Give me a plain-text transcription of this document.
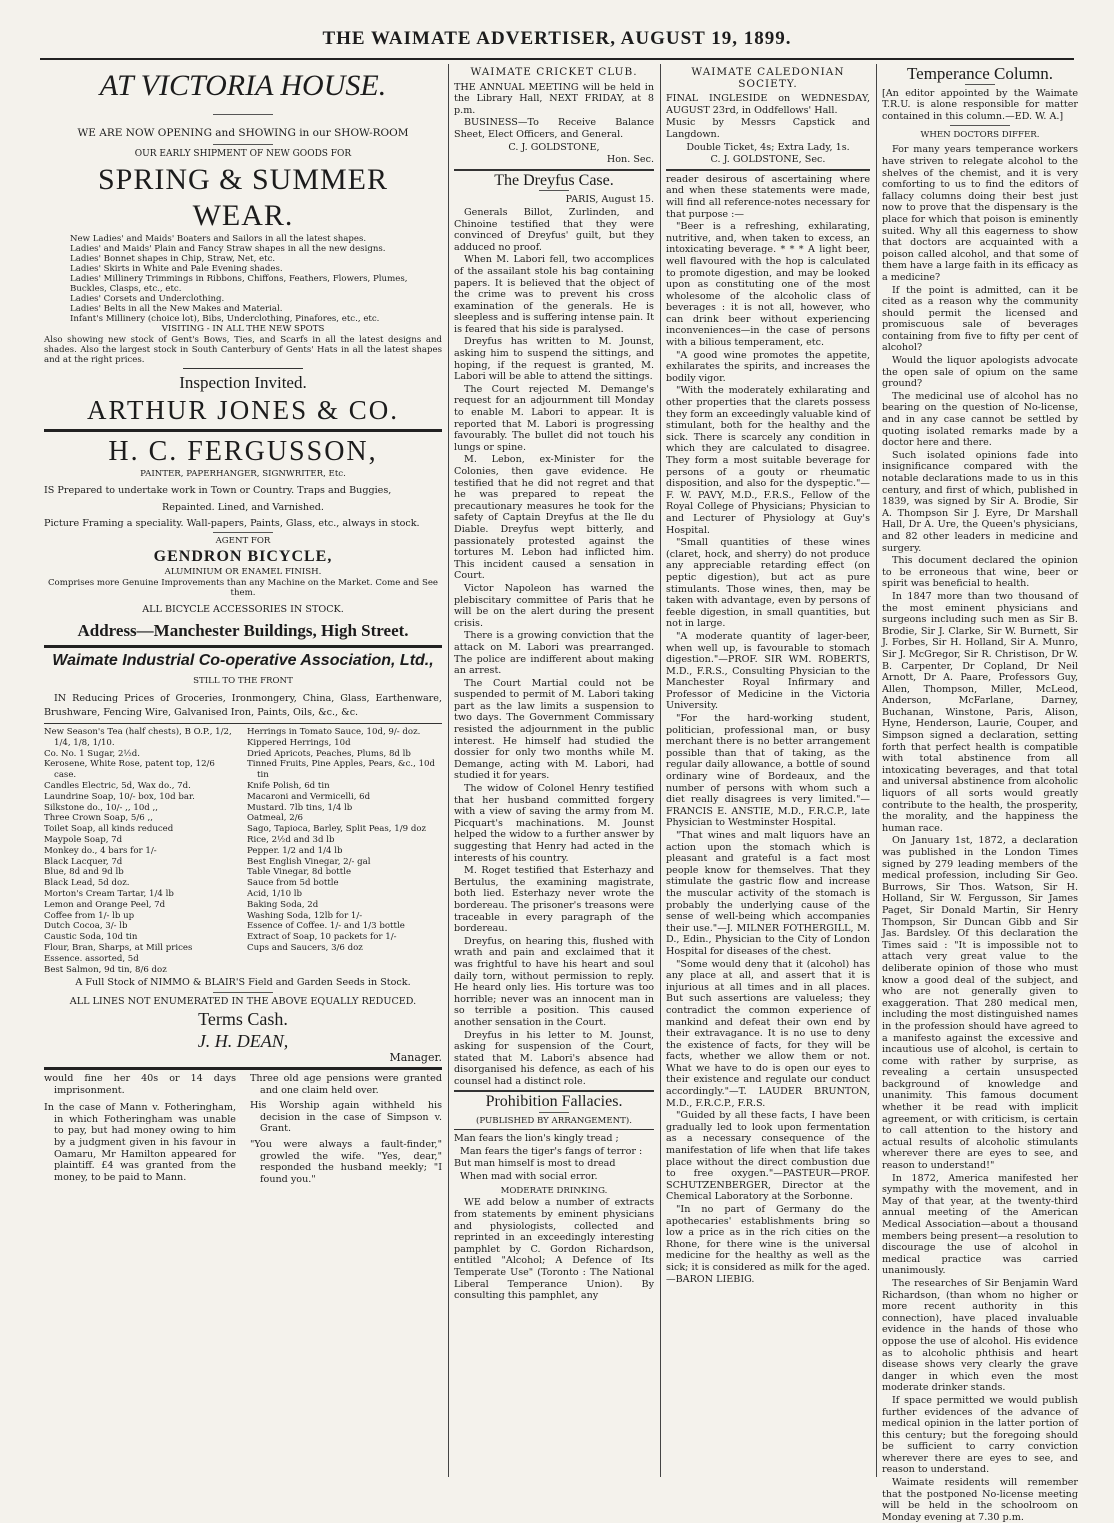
THE WAIMATE ADVERTISER, AUGUST 19, 1899.
AT VICTORIA HOUSE.

WE ARE NOW OPENING and SHOWING in our SHOW-ROOM

OUR EARLY SHIPMENT OF NEW GOODS FOR

SPRING & SUMMER WEAR.
New Ladies' and Maids' Boaters and Sailors in all the latest shapes.
Ladies' and Maids' Plain and Fancy Straw shapes in all the new designs.
Ladies' Bonnet shapes in Chip, Straw, Net, etc.
Ladies' Skirts in White and Pale Evening shades.
Ladies' Millinery Trimmings in Ribbons, Chiffons, Feathers, Flowers, Plumes, Buckles, Clasps, etc., etc.
Ladies' Corsets and Underclothing.
Ladies' Belts in all the New Makes and Material.
Infant's Millinery (choice lot), Bibs, Underclothing, Pinafores, etc., etc.

VISITING - IN ALL THE NEW SPOTS

Also showing new stock of Gent's Bows, Ties, and Scarfs in all the latest designs and shades. Also the largest stock in South Canterbury of Gents' Hats in all the latest shapes and at the right prices.

Inspection Invited.
ARTHUR JONES & CO.
H. C. FERGUSSON,

PAINTER, PAPERHANGER, SIGNWRITER, Etc.

IS Prepared to undertake work in Town or Country. Traps and Buggies,

Repainted. Lined, and Varnished.

Picture Framing a speciality. Wall-papers, Paints, Glass, etc., always in stock.

AGENT FOR

GENDRON BICYCLE,

ALUMINIUM OR ENAMEL FINISH.

Comprises more Genuine Improvements than any Machine on the Market. Come and See them.

ALL BICYCLE ACCESSORIES IN STOCK.

Address—Manchester Buildings, High Street.
Waimate Industrial Co-operative Association, Ltd.,

STILL TO THE FRONT

IN Reducing Prices of Groceries, Ironmongery, China, Glass, Earthenware, Brushware, Fencing Wire, Galvanised Iron, Paints, Oils, &c., &c.

New Season's Tea (half chests), B O.P., 1/2, 1/4, 1/8, 1/10.

Co. No. 1 Sugar, 2½d.

Kerosene, White Rose, patent top, 12/6 case.

Candles Electric, 5d, Wax do., 7d.

Laundrine Soap, 10/- box, 10d bar.

Silkstone do., 10/- ,, 10d ,,

Three Crown Soap, 5/6 ,,

Toilet Soap, all kinds reduced

Maypole Soap, 7d

Monkey do., 4 bars for 1/-

Black Lacquer, 7d

Blue, 8d and 9d lb

Black Lead, 5d doz.

Morton's Cream Tartar, 1/4 lb

Lemon and Orange Peel, 7d

Coffee from 1/- lb up

Dutch Cocoa, 3/- lb

Caustic Soda, 10d tin

Flour, Bran, Sharps, at Mill prices

Essence. assorted, 5d

Best Salmon, 9d tin, 8/6 doz

Herrings in Tomato Sauce, 10d, 9/- doz.

Kippered Herrings, 10d

Dried Apricots, Peaches, Plums, 8d lb

Tinned Fruits, Pine Apples, Pears, &c., 10d tin

Knife Polish, 6d tin

Macaroni and Vermicelli, 6d

Mustard. 7lb tins, 1/4 lb

Oatmeal, 2/6

Sago, Tapioca, Barley, Split Peas, 1/9 doz

Rice, 2½d and 3d lb

Pepper. 1/2 and 1/4 lb

Best English Vinegar, 2/- gal

Table Vinegar, 8d bottle

Sauce from 5d bottle

Acid, 1/10 lb

Baking Soda, 2d

Washing Soda, 12lb for 1/-

Essence of Coffee. 1/- and 1/3 bottle

Extract of Soap, 10 packets for 1/-

Cups and Saucers, 3/6 doz

A Full Stock of NIMMO & BLAIR'S Field and Garden Seeds in Stock.

ALL LINES NOT ENUMERATED IN THE ABOVE EQUALLY REDUCED.

Terms Cash.
J. H. DEAN,

Manager.

would fine her 40s or 14 days imprisonment.

In the case of Mann v. Fotheringham, in which Fotheringham was unable to pay, but had money owing to him by a judgment given in his favour in Oamaru, Mr Hamilton appeared for plaintiff. £4 was granted from the money, to be paid to Mann.

Three old age pensions were granted and one claim held over.

His Worship again withheld his decision in the case of Simpson v. Grant.

"You were always a fault-finder," growled the wife. "Yes, dear," responded the husband meekly; "I found you."

WAIMATE CRICKET CLUB.

THE ANNUAL MEETING will be held in the Library Hall, NEXT FRIDAY, at 8 p.m.

BUSINESS—To Receive Balance Sheet, Elect Officers, and General.

C. J. GOLDSTONE,

Hon. Sec.

The Dreyfus Case.

PARIS, August 15.

Generals Billot, Zurlinden, and Chinoine testified that they were convinced of Dreyfus' guilt, but they adduced no proof.

When M. Labori fell, two accomplices of the assailant stole his bag containing papers. It is believed that the object of the crime was to prevent his cross examination of the generals. He is sleepless and is suffering intense pain. It is feared that his side is paralysed.

Dreyfus has written to M. Jounst, asking him to suspend the sittings, and hoping, if the request is granted, M. Labori will be able to attend the sittings.

The Court rejected M. Demange's request for an adjournment till Monday to enable M. Labori to appear. It is reported that M. Labori is progressing favourably. The bullet did not touch his lungs or spine.

M. Lebon, ex-Minister for the Colonies, then gave evidence. He testified that he did not regret and that he was prepared to repeat the precautionary measures he took for the safety of Captain Dreyfus at the Ile du Diable. Dreyfus wept bitterly, and passionately protested against the tortures M. Lebon had inflicted him. This incident caused a sensation in Court.

Victor Napoleon has warned the plebiscitary committee of Paris that he will be on the alert during the present crisis.

There is a growing conviction that the attack on M. Labori was prearranged. The police are indifferent about making an arrest.

The Court Martial could not be suspended to permit of M. Labori taking part as the law limits a suspension to two days. The Government Commissary resisted the adjournment in the public interest. He himself had studied the dossier for only two months while M. Demange, acting with M. Labori, had studied it for years.

The widow of Colonel Henry testified that her husband committed forgery with a view of saving the army from M. Picquart's machinations. M. Jounst helped the widow to a further answer by suggesting that Henry had acted in the interests of his country.

M. Roget testified that Esterhazy and Bertulus, the examining magistrate, both lied. Esterhazy never wrote the bordereau. The prisoner's treasons were traceable in every paragraph of the bordereau.

Dreyfus, on hearing this, flushed with wrath and pain and exclaimed that it was frightful to have his heart and soul daily torn, without permission to reply. He heard only lies. His torture was too horrible; never was an innocent man in so terrible a position. This caused another sensation in the Court.

Dreyfus in his letter to M. Jounst, asking for suspension of the Court, stated that M. Labori's absence had disorganised his defence, as each of his counsel had a distinct role.

Prohibition Fallacies.

(PUBLISHED BY ARRANGEMENT).

Man fears the lion's kingly tread ;

Man fears the tiger's fangs of terror :

But man himself is most to dread

When mad with social error.

MODERATE DRINKING.

WE add below a number of extracts from statements by eminent physicians and physiologists, collected and reprinted in an exceedingly interesting pamphlet by C. Gordon Richardson, entitled "Alcohol; A Defence of Its Temperate Use" (Toronto : The National Liberal Temperance Union). By consulting this pamphlet, any

WAIMATE CALEDONIAN SOCIETY.

FINAL INGLESIDE on WEDNESDAY, AUGUST 23rd, in Oddfellows' Hall.

Music by Messrs Capstick and Langdown.

Double Ticket, 4s; Extra Lady, 1s.

C. J. GOLDSTONE, Sec.

reader desirous of ascertaining where and when these statements were made, will find all reference-notes necessary for that purpose :—

"Beer is a refreshing, exhilarating, nutritive, and, when taken to excess, an intoxicating beverage. * * * A light beer, well flavoured with the hop is calculated to promote digestion, and may be looked upon as constituting one of the most wholesome of the alcoholic class of beverages : it is not all, however, who can drink beer without experiencing inconveniences—in the case of persons with a bilious temperament, etc.

"A good wine promotes the appetite, exhilarates the spirits, and increases the bodily vigor.

"With the moderately exhilarating and other properties that the clarets possess they form an exceedingly valuable kind of stimulant, both for the healthy and the sick. There is scarcely any condition in which they are calculated to disagree. They form a most suitable beverage for persons of a gouty or rheumatic disposition, and also for the dyspeptic."—F. W. PAVY, M.D., F.R.S., Fellow of the Royal College of Physicians; Physician to and Lecturer of Physiology at Guy's Hospital.

"Small quantities of these wines (claret, hock, and sherry) do not produce any appreciable retarding effect (on peptic digestion), but act as pure stimulants. Those wines, then, may be taken with advantage, even by persons of feeble digestion, in small quantities, but not in large.

"A moderate quantity of lager-beer, when well up, is favourable to stomach digestion."—PROF. SIR WM. ROBERTS, M.D., F.R.S., Consulting Physician to the Manchester Royal Infirmary and Professor of Medicine in the Victoria University.

"For the hard-working student, politician, professional man, or busy merchant there is no better arrangement possible than that of taking, as the regular daily allowance, a bottle of sound ordinary wine of Bordeaux, and the number of persons with whom such a diet really disagrees is very limited."—FRANCIS E. ANSTIE, M.D., F.R.C.P., late Physician to Westminster Hospital.

"That wines and malt liquors have an action upon the stomach which is pleasant and grateful is a fact most people know for themselves. That they stimulate the gastric flow and increase the muscular activity of the stomach is probably the underlying cause of the sense of well-being which accompanies their use."—J. MILNER FOTHERGILL, M. D., Edin., Physician to the City of London Hospital for diseases of the chest.

"Some would deny that it (alcohol) has any place at all, and assert that it is injurious at all times and in all places. But such assertions are valueless; they contradict the common experience of mankind and defeat their own end by their extravagance. It is no use to deny the existence of facts, for they will be facts, whether we allow them or not. What we have to do is open our eyes to their existence and regulate our conduct accordingly."—T. LAUDER BRUNTON, M.D., F.R.C.P., F.R.S.

"Guided by all these facts, I have been gradually led to look upon fermentation as a necessary consequence of the manifestation of life when that life takes place without the direct combustion due to free oxygen."—PASTEUR—PROF. SCHUTZENBERGER, Director at the Chemical Laboratory at the Sorbonne.

"In no part of Germany do the apothecaries' establishments bring so low a price as in the rich cities on the Rhone, for there wine is the universal medicine for the healthy as well as the sick; it is considered as milk for the aged.—BARON LIEBIG.

Temperance Column.

[An editor appointed by the Waimate T.R.U. is alone responsible for matter contained in this column.—ED. W. A.]

WHEN DOCTORS DIFFER.

For many years temperance workers have striven to relegate alcohol to the shelves of the chemist, and it is very comforting to us to find the editors of fallacy columns doing their best just now to prove that the dispensary is the place for which that poison is eminently suited. Why all this eagerness to show that doctors are acquainted with a poison called alcohol, and that some of them have a large faith in its efficacy as a medicine?

If the point is admitted, can it be cited as a reason why the community should permit the licensed and promiscuous sale of beverages containing from five to fifty per cent of alcohol?

Would the liquor apologists advocate the open sale of opium on the same ground?

The medicinal use of alcohol has no bearing on the question of No-license, and in any case cannot be settled by quoting isolated remarks made by a doctor here and there.

Such isolated opinions fade into insignificance compared with the notable declarations made to us in this century, and first of which, published in 1839, was signed by Sir A. Brodie, Sir A. Thompson Sir J. Eyre, Dr Marshall Hall, Dr A. Ure, the Queen's physicians, and 82 other leaders in medicine and surgery.

This document declared the opinion to be erroneous that wine, beer or spirit was beneficial to health.

In 1847 more than two thousand of the most eminent physicians and surgeons including such men as Sir B. Brodie, Sir J. Clarke, Sir W. Burnett, Sir J. Forbes, Sir H. Holland, Sir A. Munro, Sir J. McGregor, Sir R. Christison, Dr W. B. Carpenter, Dr Copland, Dr Neil Arnott, Dr A. Paare, Professors Guy, Allen, Thompson, Miller, McLeod, Anderson, McFarlane, Darney, Buchanan, Winstone, Paris, Alison, Hyne, Henderson, Laurie, Couper, and Simpson signed a declaration, setting forth that perfect health is compatible with total abstinence from all intoxicating beverages, and that total and universal abstinence from alcoholic liquors of all sorts would greatly contribute to the health, the prosperity, the morality, and the happiness the human race.

On January 1st, 1872, a declaration was published in the London Times signed by 279 leading members of the medical profession, including Sir Geo. Burrows, Sir Thos. Watson, Sir H. Holland, Sir W. Fergusson, Sir James Paget, Sir Donald Martin, Sir Henry Thompson, Sir Duncan Gibb and Sir Jas. Bardsley. Of this declaration the Times said : "It is impossible not to attach very great value to the deliberate opinion of those who must know a good deal of the subject, and who are not generally given to exaggeration. That 280 medical men, including the most distinguished names in the profession should have agreed to a manifesto against the excessive and incautious use of alcohol, is certain to come with rather by surprise, as revealing a certain unsuspected background of knowledge and unanimity. This famous document whether it be read with implicit agreement, or with criticism, is certain to call attention to the history and actual results of alcoholic stimulants wherever there are eyes to see, and reason to understand!"

In 1872, America manifested her sympathy with the movement, and in May of that year, at the twenty-third annual meeting of the American Medical Association—about a thousand members being present—a resolution to discourage the use of alcohol in medical practice was carried unanimously.

The researches of Sir Benjamin Ward Richardson, (than whom no higher or more recent authority in this connection), have placed invaluable evidence in the hands of those who oppose the use of alcohol. His evidence as to alcoholic phthisis and heart disease shows very clearly the grave danger in which even the most moderate drinker stands.

If space permitted we would publish further evidences of the advance of medical opinion in the latter portion of this century; but the foregoing should be sufficient to carry conviction wherever there are eyes to see, and reason to understand.

Waimate residents will remember that the postponed No-license meeting will be held in the schoolroom on Monday evening at 7.30 p.m.
